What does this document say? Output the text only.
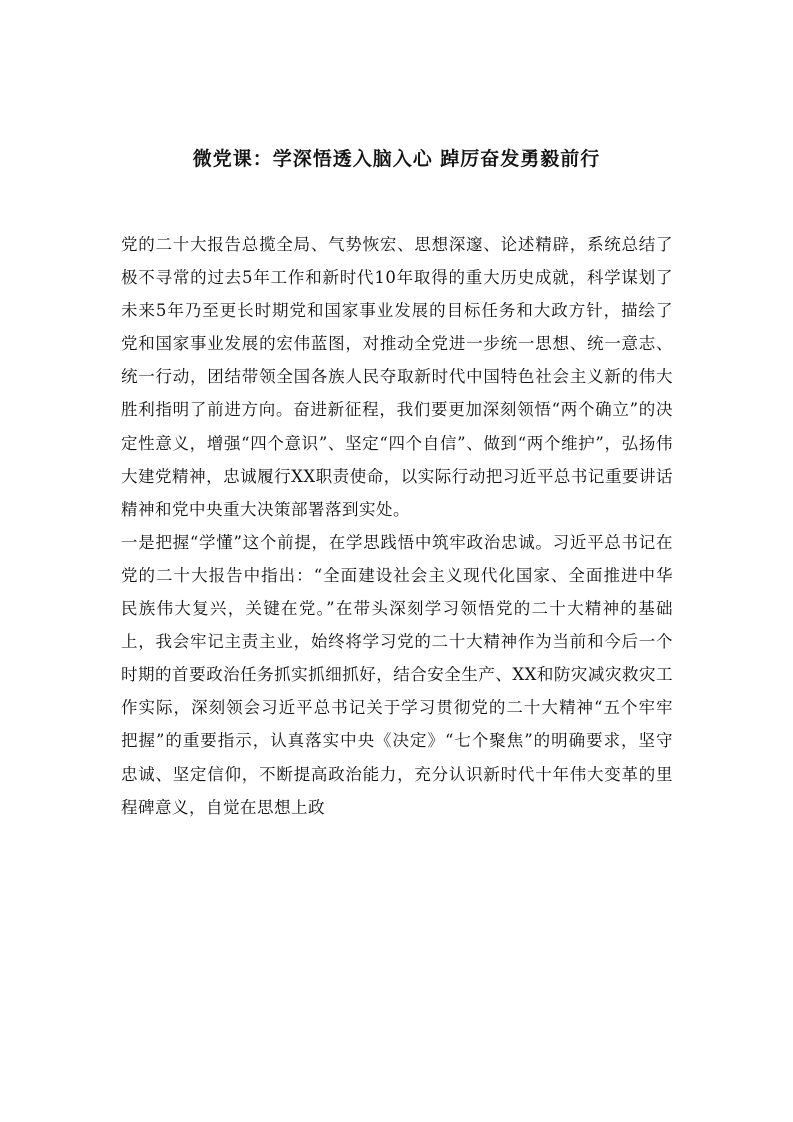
微党课：学深悟透入脑入心 踔厉奋发勇毅前行

党的二十大报告总揽全局、气势恢宏、思想深邃、论述精辟，系统总结了极不寻常的过去5年工作和新时代10年取得的重大历史成就，科学谋划了未来5年乃至更长时期党和国家事业发展的目标任务和大政方针，描绘了党和国家事业发展的宏伟蓝图，对推动全党进一步统一思想、统一意志、统一行动，团结带领全国各族人民夺取新时代中国特色社会主义新的伟大胜利指明了前进方向。奋进新征程，我们要更加深刻领悟“两个确立”的决定性意义，增强“四个意识”、坚定“四个自信”、做到“两个维护”，弘扬伟大建党精神，忠诚履行XX职责使命，以实际行动把习近平总书记重要讲话精神和党中央重大决策部署落到实处。

一是把握“学懂”这个前提，在学思践悟中筑牢政治忠诚。习近平总书记在党的二十大报告中指出：“全面建设社会主义现代化国家、全面推进中华民族伟大复兴，关键在党。”在带头深刻学习领悟党的二十大精神的基础上，我会牢记主责主业，始终将学习党的二十大精神作为当前和今后一个时期的首要政治任务抓实抓细抓好，结合安全生产、XX和防灾减灾救灾工作实际，深刻领会习近平总书记关于学习贯彻党的二十大精神“五个牢牢把握”的重要指示，认真落实中央《决定》“七个聚焦”的明确要求，坚守忠诚、坚定信仰，不断提高政治能力，充分认识新时代十年伟大变革的里程碑意义，自觉在思想上政
